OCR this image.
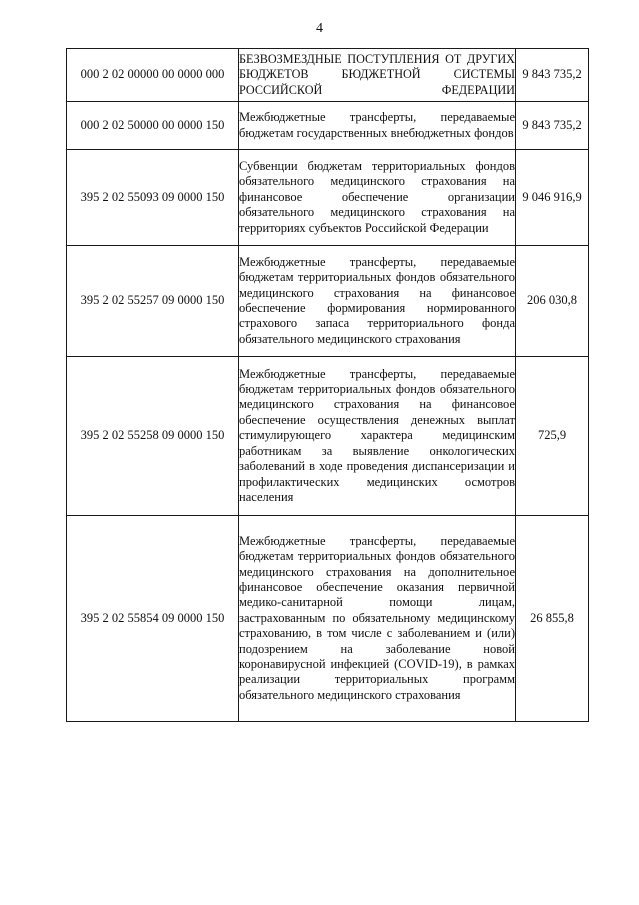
4
000 2 02 00000 00 0000 000	БЕЗВОЗМЕЗДНЫЕ ПОСТУПЛЕНИЯ ОТ ДРУГИХ БЮДЖЕТОВ БЮДЖЕТНОЙ СИСТЕМЫ РОССИЙСКОЙ ФЕДЕРАЦИИ	9 843 735,2
000 2 02 50000 00 0000 150	Межбюджетные трансферты, передаваемые бюджетам государственных внебюджетных фондов	9 843 735,2
395 2 02 55093 09 0000 150	Субвенции бюджетам территориальных фондов обязательного медицинского страхования на финансовое обеспечение организации обязательного медицинского страхования на территориях субъектов Российской Федерации	9 046 916,9
395 2 02 55257 09 0000 150	Межбюджетные трансферты, передаваемые бюджетам территориальных фондов обязательного медицинского страхования на финансовое обеспечение формирования нормированного страхового запаса территориального фонда обязательного медицинского страхования	206 030,8
395 2 02 55258 09 0000 150	Межбюджетные трансферты, передаваемые бюджетам территориальных фондов обязательного медицинского страхования на финансовое обеспечение осуществления денежных выплат стимулирующего характера медицинским работникам за выявление онкологических заболеваний в ходе проведения диспансеризации и профилактических медицинских осмотров населения	725,9
395 2 02 55854 09 0000 150	Межбюджетные трансферты, передаваемые бюджетам территориальных фондов обязательного медицинского страхования на дополнительное финансовое обеспечение оказания первичной медико-санитарной помощи лицам, застрахованным по обязательному медицинскому страхованию, в том числе с заболеванием и (или) подозрением на заболевание новой коронавирусной инфекцией (COVID-19), в рамках реализации территориальных программ обязательного медицинского страхования	26 855,8
